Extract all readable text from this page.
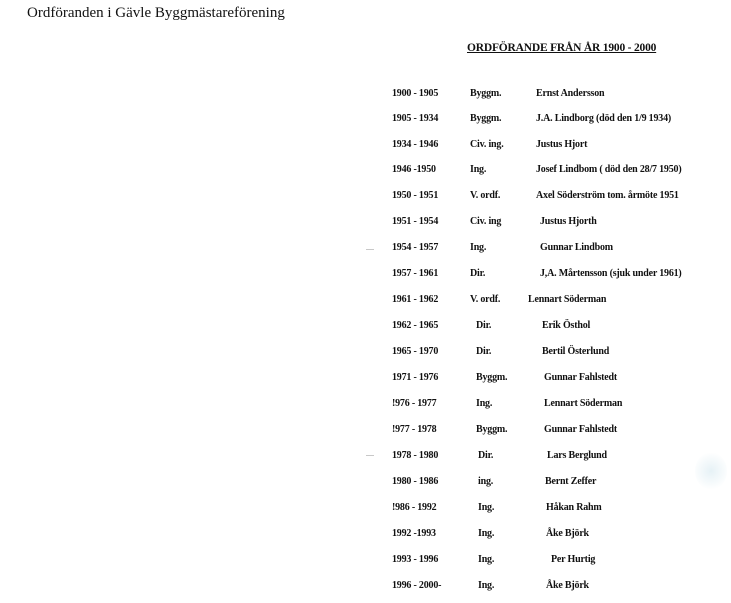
Ordföranden i Gävle Byggmästareförening
ORDFÖRANDE FRÅN ÅR 1900 - 2000
1900 - 1905	Byggm.	Ernst Andersson
1905 - 1934	Byggm.	J.A. Lindborg (död den 1/9 1934)
1934 - 1946	Civ. ing.	Justus Hjort
1946 -1950	Ing.	Josef Lindbom ( död den 28/7 1950)
1950 - 1951	V. ordf.	Axel Söderström tom. årmöte 1951
1951 - 1954	Civ. ing	Justus Hjorth
1954 - 1957	Ing.	Gunnar Lindbom
1957 - 1961	Dir.	J,A. Mårtensson (sjuk under 1961)
1961 - 1962	V. ordf.	Lennart Söderman
1962 - 1965	Dir.	Erik Östhol
1965 - 1970	Dir.	Bertil Österlund
1971 - 1976	Byggm.	Gunnar Fahlstedt
!976 - 1977	Ing.	Lennart Söderman
!977 - 1978	Byggm.	Gunnar Fahlstedt
1978 - 1980	Dir.	Lars Berglund
1980 - 1986	ing.	Bernt Zeffer
!986 - 1992	Ing.	Håkan Rahm
1992 -1993	Ing.	Åke Björk
1993 - 1996	Ing.	Per Hurtig
1996 - 2000-	Ing.	Åke Björk
